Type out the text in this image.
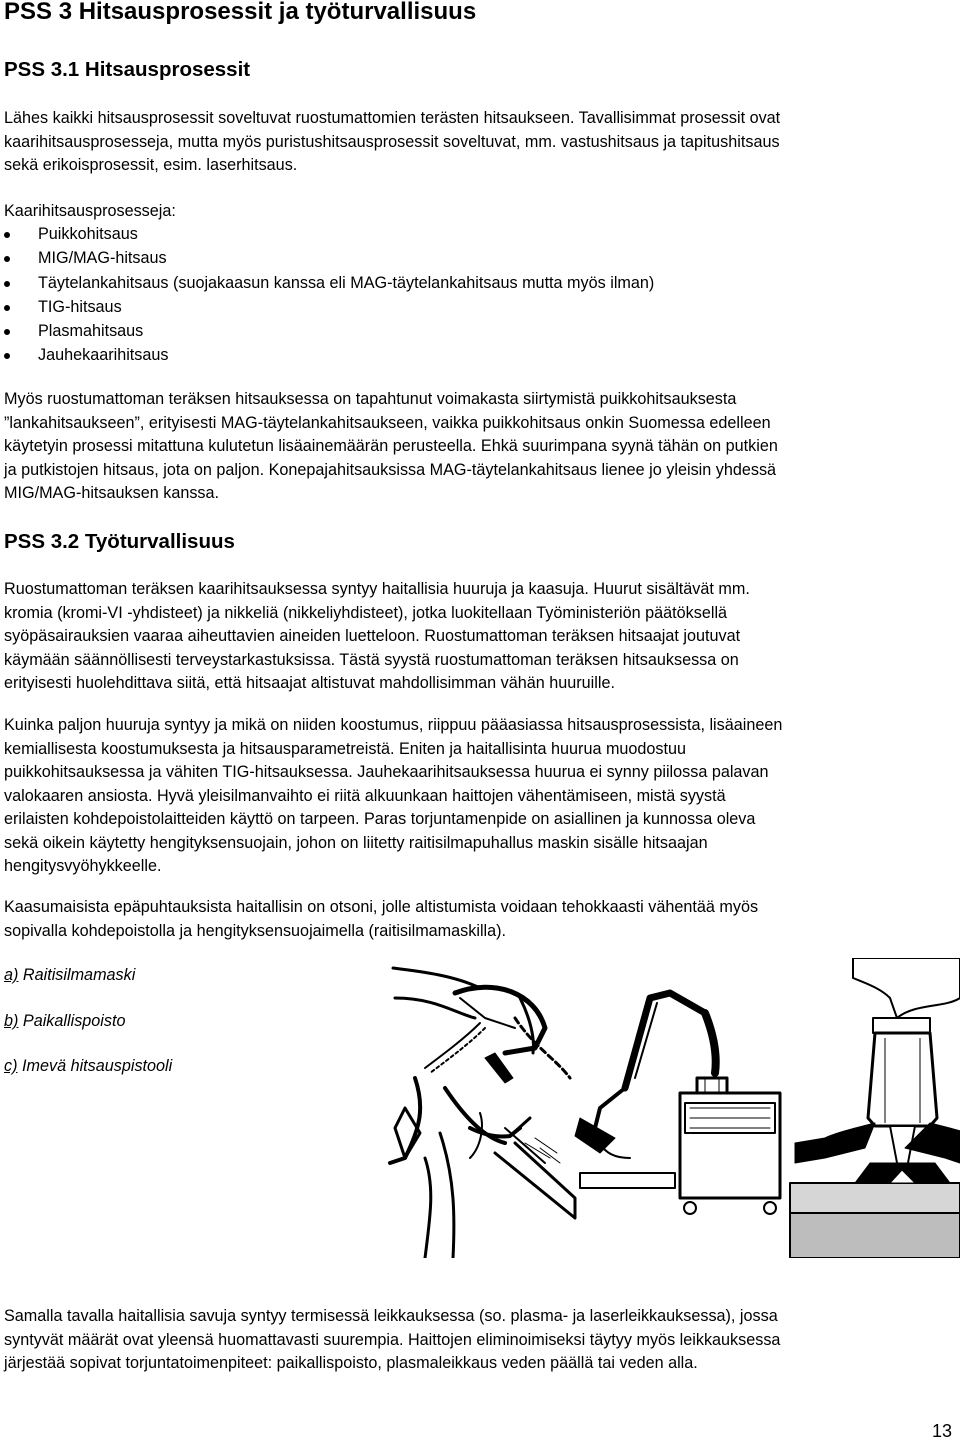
PSS 3 Hitsausprosessit ja työturvallisuus
PSS 3.1 Hitsausprosessit
Lähes kaikki hitsausprosessit soveltuvat ruostumattomien terästen hitsaukseen. Tavallisimmat prosessit ovat
kaarihitsausprosesseja, mutta myös puristushitsausprosessit soveltuvat, mm. vastushitsaus ja tapitushitsaus
sekä erikoisprosessit, esim. laserhitsaus.
Kaarihitsausprosesseja:
Puikkohitsaus
MIG/MAG-hitsaus
Täytelankahitsaus (suojakaasun kanssa eli MAG-täytelankahitsaus mutta myös ilman)
TIG-hitsaus
Plasmahitsaus
Jauhekaarihitsaus
Myös ruostumattoman teräksen hitsauksessa on tapahtunut voimakasta siirtymistä puikkohitsauksesta
”lankahitsaukseen”, erityisesti MAG-täytelankahitsaukseen, vaikka puikkohitsaus onkin Suomessa edelleen
käytetyin prosessi mitattuna kulutetun lisäainemäärän perusteella. Ehkä suurimpana syynä tähän on putkien
ja putkistojen hitsaus, jota on paljon. Konepajahitsauksissa MAG-täytelankahitsaus lienee jo yleisin yhdessä
MIG/MAG-hitsauksen kanssa.
PSS 3.2 Työturvallisuus
Ruostumattoman teräksen kaarihitsauksessa syntyy haitallisia huuruja ja kaasuja. Huurut sisältävät mm.
kromia (kromi-VI -yhdisteet) ja nikkeliä (nikkeliyhdisteet), jotka luokitellaan Työministeriön päätöksellä
syöpäsairauksien vaaraa aiheuttavien aineiden luetteloon. Ruostumattoman teräksen hitsaajat joutuvat
käymään säännöllisesti terveystarkastuksissa. Tästä syystä ruostumattoman teräksen hitsauksessa on
erityisesti huolehdittava siitä, että hitsaajat altistuvat mahdollisimman vähän huuruille.
Kuinka paljon huuruja syntyy ja mikä on niiden koostumus, riippuu pääasiassa hitsausprosessista, lisäaineen
kemiallisesta koostumuksesta ja hitsausparametreistä. Eniten ja haitallisinta huurua muodostuu
puikkohitsauksessa ja vähiten TIG-hitsauksessa. Jauhekaarihitsauksessa huurua ei synny piilossa palavan
valokaaren ansiosta. Hyvä yleisilmanvaihto ei riitä alkuunkaan haittojen vähentämiseen, mistä syystä
erilaisten kohdepoistolaitteiden käyttö on tarpeen. Paras torjuntamenpide on asiallinen ja kunnossa oleva
sekä oikein käytetty hengityksensuojain, johon on liitetty raitisilmapuhallus maskin sisälle hitsaajan
hengitysvyöhykkeelle.
Kaasumaisista epäpuhtauksista haitallisin on otsoni, jolle altistumista voidaan tehokkaasti vähentää myös
sopivalla kohdepoistolla ja hengityksensuojaimella (raitisilmamaskilla).
a) Raitisilmamaski
b) Paikallispoisto
c) Imevä hitsauspistooli
Samalla tavalla haitallisia savuja syntyy termisessä leikkauksessa (so. plasma- ja laserleikkauksessa), jossa
syntyvät määrät ovat yleensä huomattavasti suurempia. Haittojen eliminoimiseksi täytyy myös leikkauksessa
järjestää sopivat torjuntatoimenpiteet: paikallispoisto, plasmaleikkaus veden päällä tai veden alla.
13
